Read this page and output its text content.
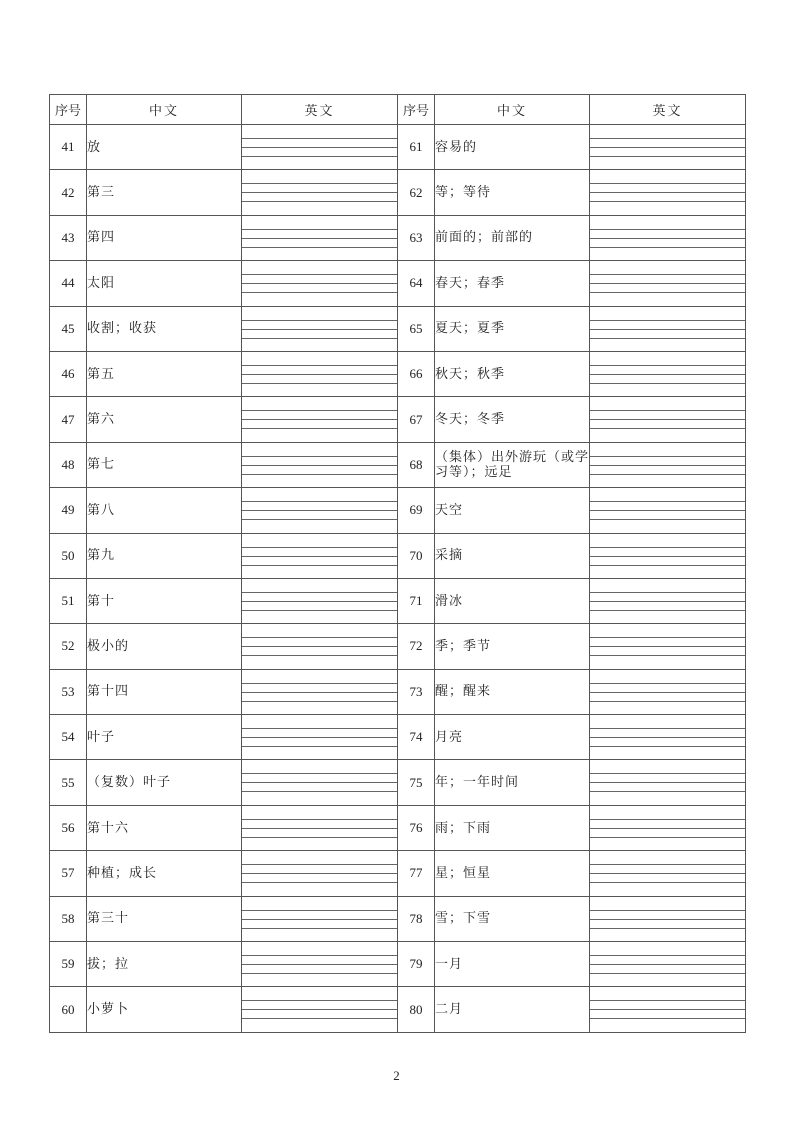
序号	中文	英文	序号	中文	英文
41	放		61	容易的	
42	第三		62	等；等待	
43	第四		63	前面的；前部的	
44	太阳		64	春天；春季	
45	收割；收获		65	夏天；夏季	
46	第五		66	秋天；秋季	
47	第六		67	冬天；冬季	
48	第七		68	（集体）出外游玩（或学习等）；远足	
49	第八		69	天空	
50	第九		70	采摘	
51	第十		71	滑冰	
52	极小的		72	季；季节	
53	第十四		73	醒；醒来	
54	叶子		74	月亮	
55	（复数）叶子		75	年；一年时间	
56	第十六		76	雨；下雨	
57	种植；成长		77	星；恒星	
58	第三十		78	雪；下雪	
59	拔；拉		79	一月	
60	小萝卜		80	二月	
2
